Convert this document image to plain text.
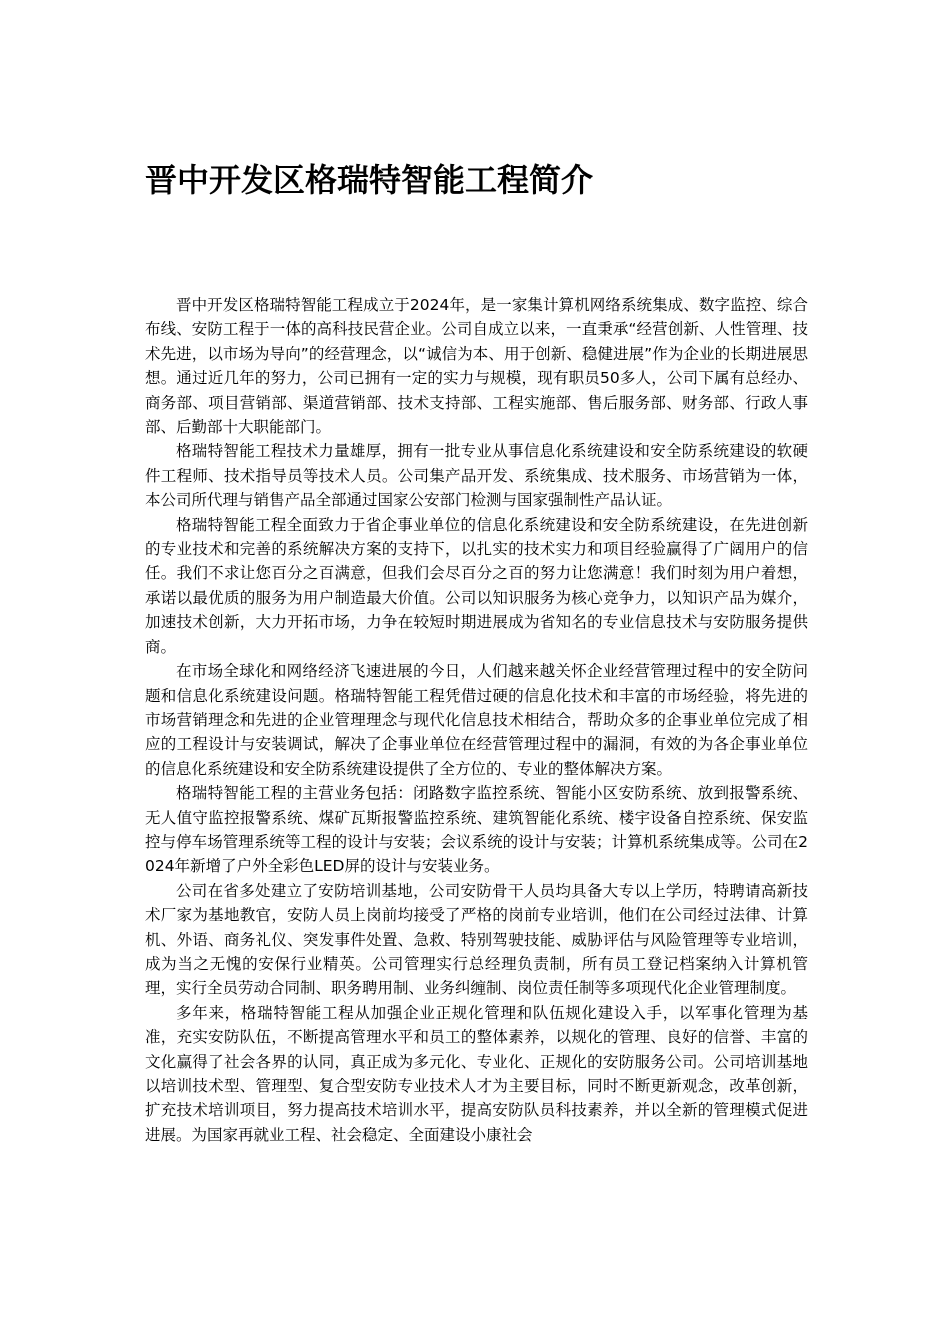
晋中开发区格瑞特智能工程简介

晋中开发区格瑞特智能工程成立于2024年，是一家集计算机网络系统集成、数字监控、综合布线、安防工程于一体的高科技民营企业。公司自成立以来，一直秉承“经营创新、人性管理、技术先进，以市场为导向”的经营理念，以“诚信为本、用于创新、稳健进展”作为企业的长期进展思想。通过近几年的努力，公司已拥有一定的实力与规模，现有职员50多人，公司下属有总经办、商务部、项目营销部、渠道营销部、技术支持部、工程实施部、售后服务部、财务部、行政人事部、后勤部十大职能部门。

格瑞特智能工程技术力量雄厚，拥有一批专业从事信息化系统建设和安全防系统建设的软硬件工程师、技术指导员等技术人员。公司集产品开发、系统集成、技术服务、市场营销为一体，本公司所代理与销售产品全部通过国家公安部门检测与国家强制性产品认证。

格瑞特智能工程全面致力于省企事业单位的信息化系统建设和安全防系统建设，在先进创新的专业技术和完善的系统解决方案的支持下，以扎实的技术实力和项目经验赢得了广阔用户的信任。我们不求让您百分之百满意，但我们会尽百分之百的努力让您满意！我们时刻为用户着想，承诺以最优质的服务为用户制造最大价值。公司以知识服务为核心竞争力，以知识产品为媒介，加速技术创新，大力开拓市场，力争在较短时期进展成为省知名的专业信息技术与安防服务提供商。

在市场全球化和网络经济飞速进展的今日，人们越来越关怀企业经营管理过程中的安全防问题和信息化系统建设问题。格瑞特智能工程凭借过硬的信息化技术和丰富的市场经验，将先进的市场营销理念和先进的企业管理理念与现代化信息技术相结合，帮助众多的企事业单位完成了相应的工程设计与安装调试，解决了企事业单位在经营管理过程中的漏洞，有效的为各企事业单位的信息化系统建设和安全防系统建设提供了全方位的、专业的整体解决方案。

格瑞特智能工程的主营业务包括：闭路数字监控系统、智能小区安防系统、放到报警系统、无人值守监控报警系统、煤矿瓦斯报警监控系统、建筑智能化系统、楼宇设备自控系统、保安监控与停车场管理系统等工程的设计与安装；会议系统的设计与安装；计算机系统集成等。公司在2024年新增了户外全彩色LED屏的设计与安装业务。

公司在省多处建立了安防培训基地，公司安防骨干人员均具备大专以上学历，特聘请高新技术厂家为基地教官，安防人员上岗前均接受了严格的岗前专业培训，他们在公司经过法律、计算机、外语、商务礼仪、突发事件处置、急救、特别驾驶技能、威胁评估与风险管理等专业培训，成为当之无愧的安保行业精英。公司管理实行总经理负责制，所有员工登记档案纳入计算机管理，实行全员劳动合同制、职务聘用制、业务纠缠制、岗位责任制等多项现代化企业管理制度。

多年来，格瑞特智能工程从加强企业正规化管理和队伍规化建设入手，以军事化管理为基准，充实安防队伍，不断提高管理水平和员工的整体素养，以规化的管理、良好的信誉、丰富的文化赢得了社会各界的认同，真正成为多元化、专业化、正规化的安防服务公司。公司培训基地以培训技术型、管理型、复合型安防专业技术人才为主要目标，同时不断更新观念，改革创新，扩充技术培训项目，努力提高技术培训水平，提高安防队员科技素养，并以全新的管理模式促进进展。为国家再就业工程、社会稳定、全面建设小康社会
